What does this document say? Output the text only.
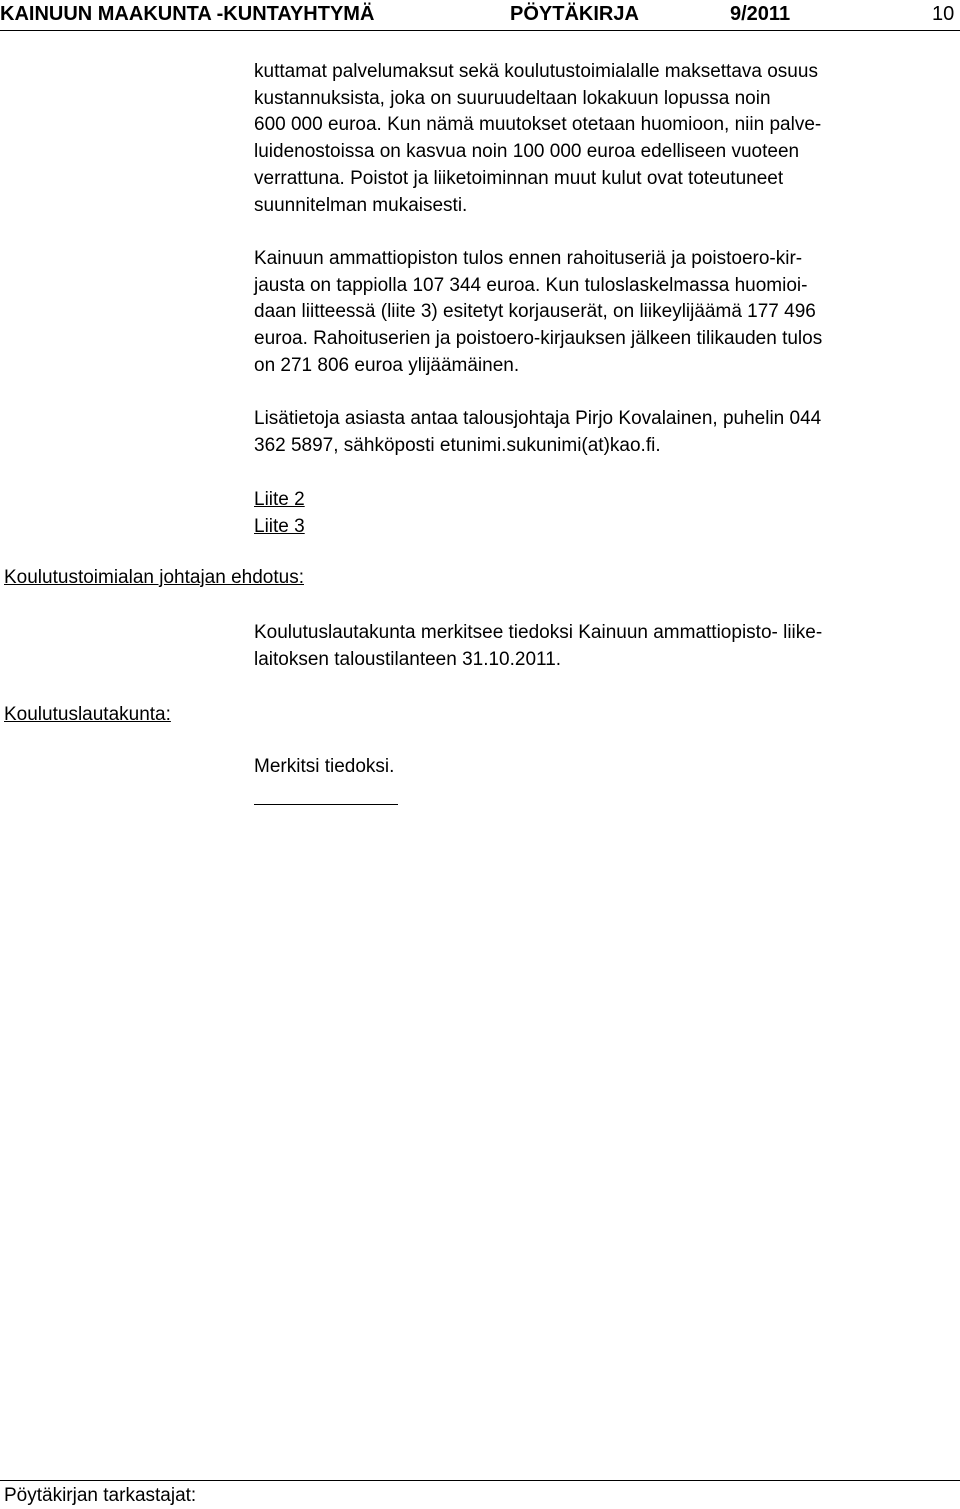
KAINUUN MAAKUNTA -KUNTAYHTYMÄ	PÖYTÄKIRJA	9/2011	10

kuttamat palvelumaksut sekä koulutustoimialalle maksettava osuus
kustannuksista, joka on suuruudeltaan lokakuun lopussa noin
600 000 euroa. Kun nämä muutokset otetaan huomioon, niin palve-
luidenostoissa on kasvua noin 100 000 euroa edelliseen vuoteen
verrattuna. Poistot ja liiketoiminnan muut kulut ovat toteutuneet
suunnitelman mukaisesti.

Kainuun ammattiopiston tulos ennen rahoituseriä ja poistoero-kir-
jausta on tappiolla 107 344 euroa. Kun tuloslaskelmassa huomioi-
daan liitteessä (liite 3) esitetyt korjauserät, on liikeylijäämä 177 496
euroa. Rahoituserien ja poistoero-kirjauksen jälkeen tilikauden tulos
on 271 806 euroa ylijäämäinen.

Lisätietoja asiasta antaa talousjohtaja Pirjo Kovalainen, puhelin 044
362 5897, sähköposti etunimi.sukunimi(at)kao.fi.

Liite 2
Liite 3

Koulutustoimialan johtajan ehdotus:

Koulutuslautakunta merkitsee tiedoksi Kainuun ammattiopisto- liike-
laitoksen taloustilanteen 31.10.2011.

Koulutuslautakunta:

Merkitsi tiedoksi.

Pöytäkirjan tarkastajat:
